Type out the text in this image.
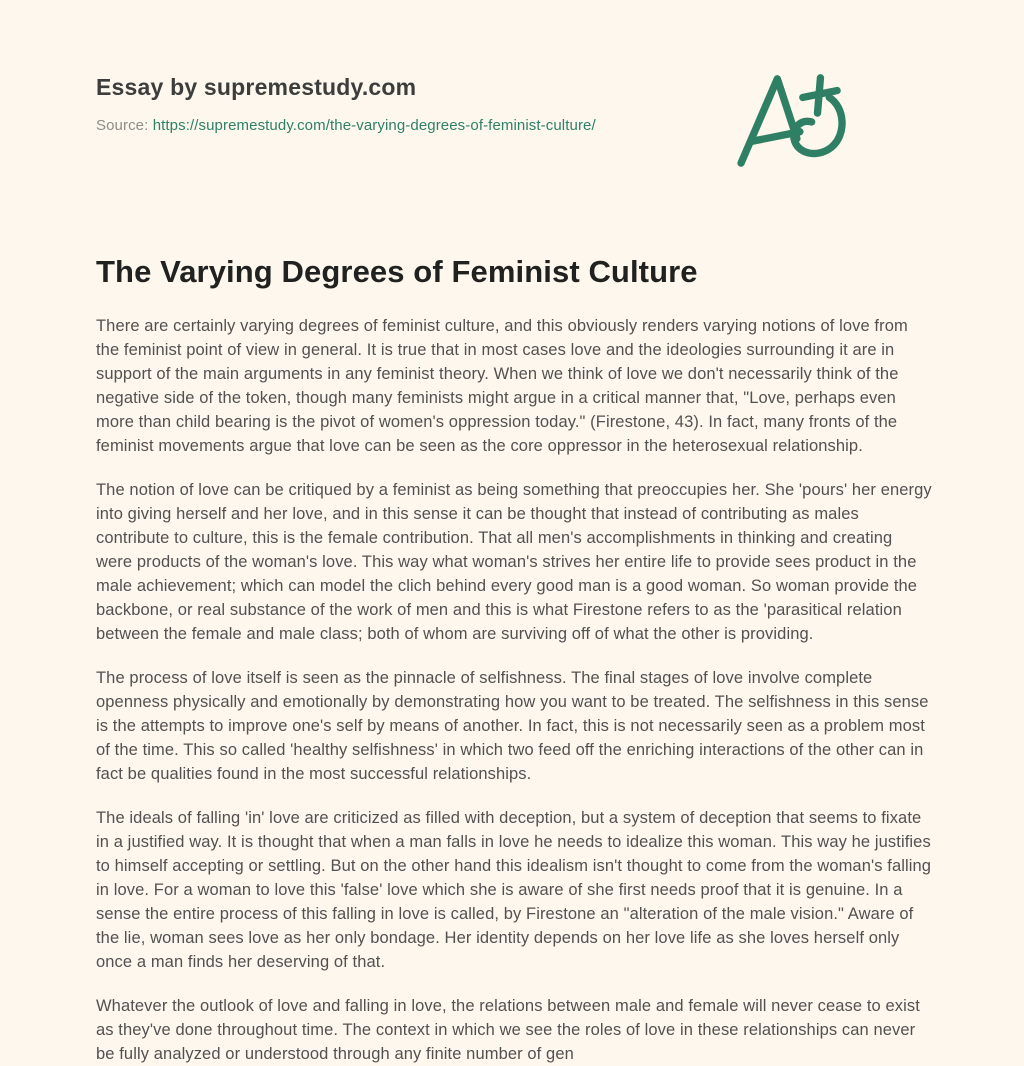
Essay by supremestudy.com
Source: https://supremestudy.com/the-varying-degrees-of-feminist-culture/
The Varying Degrees of Feminist Culture

There are certainly varying degrees of feminist culture, and this obviously renders varying notions of love from the feminist point of view in general. It is true that in most cases love and the ideologies surrounding it are in support of the main arguments in any feminist theory. When we think of love we don't necessarily think of the negative side of the token, though many feminists might argue in a critical manner that, "Love, perhaps even more than child bearing is the pivot of women's oppression today." (Firestone, 43). In fact, many fronts of the feminist movements argue that love can be seen as the core oppressor in the heterosexual relationship.

The notion of love can be critiqued by a feminist as being something that preoccupies her. She 'pours' her energy into giving herself and her love, and in this sense it can be thought that instead of contributing as males contribute to culture, this is the female contribution. That all men's accomplishments in thinking and creating were products of the woman's love. This way what woman's strives her entire life to provide sees product in the male achievement; which can model the clich behind every good man is a good woman. So woman provide the backbone, or real substance of the work of men and this is what Firestone refers to as the 'parasitical relation between the female and male class; both of whom are surviving off of what the other is providing.

The process of love itself is seen as the pinnacle of selfishness. The final stages of love involve complete openness physically and emotionally by demonstrating how you want to be treated. The selfishness in this sense is the attempts to improve one's self by means of another. In fact, this is not necessarily seen as a problem most of the time. This so called 'healthy selfishness' in which two feed off the enriching interactions of the other can in fact be qualities found in the most successful relationships.

The ideals of falling 'in' love are criticized as filled with deception, but a system of deception that seems to fixate in a justified way. It is thought that when a man falls in love he needs to idealize this woman. This way he justifies to himself accepting or settling. But on the other hand this idealism isn't thought to come from the woman's falling in love. For a woman to love this 'false' love which she is aware of she first needs proof that it is genuine. In a sense the entire process of this falling in love is called, by Firestone an "alteration of the male vision." Aware of the lie, woman sees love as her only bondage. Her identity depends on her love life as she loves herself only once a man finds her deserving of that.

Whatever the outlook of love and falling in love, the relations between male and female will never cease to exist as they've done throughout time. The context in which we see the roles of love in these relationships can never be fully analyzed or understood through any finite number of gen
